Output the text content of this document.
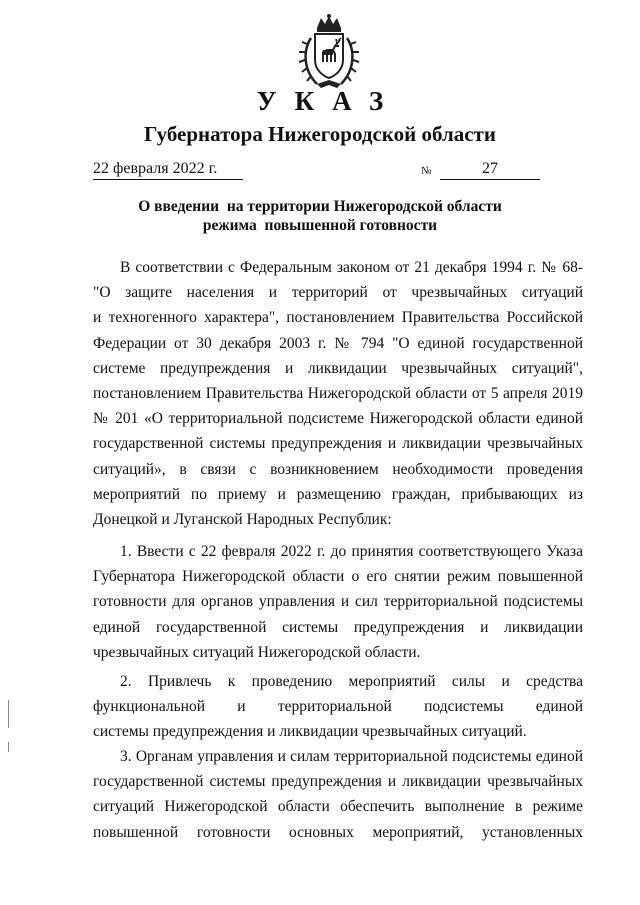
УКАЗ
Губернатора Нижегородской области
22 февраля 2022 г.	№	27
О введении  на территории Нижегородской области
режима  повышенной готовности
В соответствии с Федеральным законом от 21 декабря 1994 г. № 68-
"О защите населения и территорий от чрезвычайных ситуаций
и техногенного характера", постановлением Правительства Российской
Федерации от 30 декабря 2003 г. № 794 "О единой государственной
системе предупреждения и ликвидации чрезвычайных ситуаций",
постановлением Правительства Нижегородской области от 5 апреля 2019
№ 201 «О территориальной подсистеме Нижегородской области единой
государственной системы предупреждения и ликвидации чрезвычайных
ситуаций», в связи с возникновением необходимости проведения
мероприятий по приему и размещению граждан, прибывающих из
Донецкой и Луганской Народных Республик:
1. Ввести с 22 февраля 2022 г. до принятия соответствующего Указа
Губернатора Нижегородской области о его снятии режим повышенной
готовности для органов управления и сил территориальной подсистемы
единой государственной системы предупреждения и ликвидации
чрезвычайных ситуаций Нижегородской области.
2. Привлечь к проведению мероприятий силы и средства
функциональной и территориальной подсистемы единой
системы предупреждения и ликвидации чрезвычайных ситуаций.
3. Органам управления и силам территориальной подсистемы единой
государственной системы предупреждения и ликвидации чрезвычайных
ситуаций Нижегородской области обеспечить выполнение в режиме
повышенной готовности основных мероприятий, установленных
